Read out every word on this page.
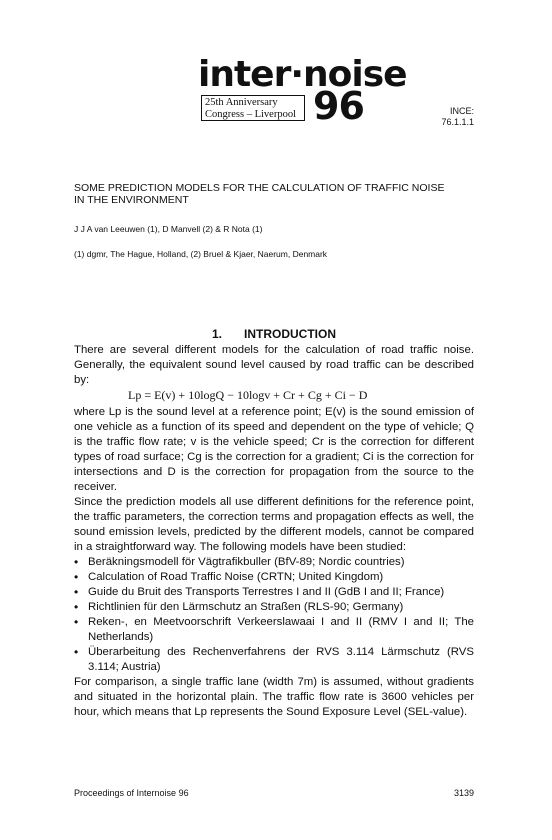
inter·noise
25th Anniversary
Congress – Liverpool 96	INCE:
76.1.1.1
SOME PREDICTION MODELS FOR THE CALCULATION OF TRAFFIC NOISE
IN THE ENVIRONMENT
J J A van Leeuwen (1), D Manvell (2) & R Nota (1)
(1) dgmr, The Hague, Holland, (2) Bruel & Kjaer, Naerum, Denmark
1. INTRODUCTION

There are several different models for the calculation of road traffic noise. Generally, the equivalent sound level caused by road traffic can be described by:

Lp = E(v) + 10logQ − 10logv + Cr + Cg + Ci − D

where Lp is the sound level at a reference point; E(v) is the sound emission of one vehicle as a function of its speed and dependent on the type of vehicle; Q is the traffic flow rate; v is the vehicle speed; Cr is the correction for different types of road surface; Cg is the correction for a gradient; Ci is the correction for intersections and D is the correction for propagation from the source to the receiver.

Since the prediction models all use different definitions for the reference point, the traffic parameters, the correction terms and propagation effects as well, the sound emission levels, predicted by the different models, cannot be compared in a straightforward way. The following models have been studied:

• Beräkningsmodell för Vägtrafikbuller (BfV-89; Nordic countries)
• Calculation of Road Traffic Noise (CRTN; United Kingdom)
• Guide du Bruit des Transports Terrestres I and II (GdB I and II; France)
• Richtlinien für den Lärmschutz an Straßen (RLS-90; Germany)
• Reken-, en Meetvoorschrift Verkeerslawaai I and II (RMV I and II; The Netherlands)
• Überarbeitung des Rechenverfahrens der RVS 3.114 Lärmschutz (RVS 3.114; Austria)

For comparison, a single traffic lane (width 7m) is assumed, without gradients and situated in the horizontal plain. The traffic flow rate is 3600 vehicles per hour, which means that Lp represents the Sound Exposure Level (SEL-value).

Proceedings of Internoise 96	3139
